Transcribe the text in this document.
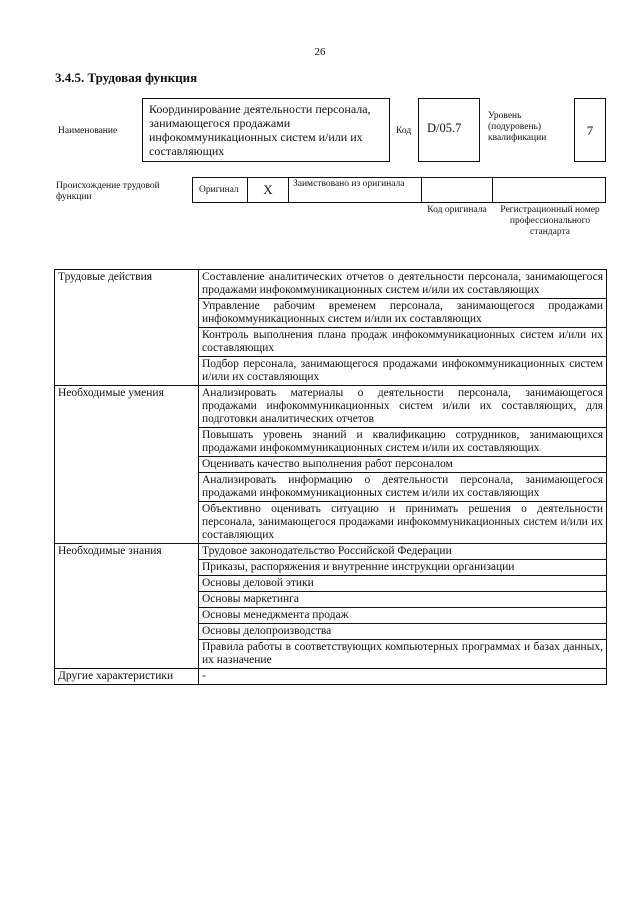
26
3.4.5. Трудовая функция
Наименование
Координирование деятельности персонала, занимающегося продажами инфокоммуникационных систем и/или их составляющих
Код	D/05.7
Уровень
(подуровень)
квалификации	7
Происхождение трудовой
функции
Оригинал	X	Заимствовано из оригинала
Код оригинала	Регистрационный номер профессионального стандарта
Трудовые действия	Составление аналитических отчетов о деятельности персонала, занимающегося продажами инфокоммуникационных систем и/или их составляющих
	Управление рабочим временем персонала, занимающегося продажами инфокоммуникационных систем и/или их составляющих
	Контроль выполнения плана продаж инфокоммуникационных систем и/или их составляющих
	Подбор персонала, занимающегося продажами инфокоммуникационных систем и/или их составляющих
Необходимые умения	Анализировать материалы о деятельности персонала, занимающегося продажами инфокоммуникационных систем и/или их составляющих, для подготовки аналитических отчетов
	Повышать уровень знаний и квалификацию сотрудников, занимающихся продажами инфокоммуникационных систем и/или их составляющих
	Оценивать качество выполнения работ персоналом
	Анализировать информацию о деятельности персонала, занимающегося продажами инфокоммуникационных систем и/или их составляющих
	Объективно оценивать ситуацию и принимать решения о деятельности персонала, занимающегося продажами инфокоммуникационных систем и/или их составляющих
Необходимые знания	Трудовое законодательство Российской Федерации
	Приказы, распоряжения и внутренние инструкции организации
	Основы деловой этики
	Основы маркетинга
	Основы менеджмента продаж
	Основы делопроизводства
	Правила работы в соответствующих компьютерных программах и базах данных, их назначение
Другие характеристики	-
